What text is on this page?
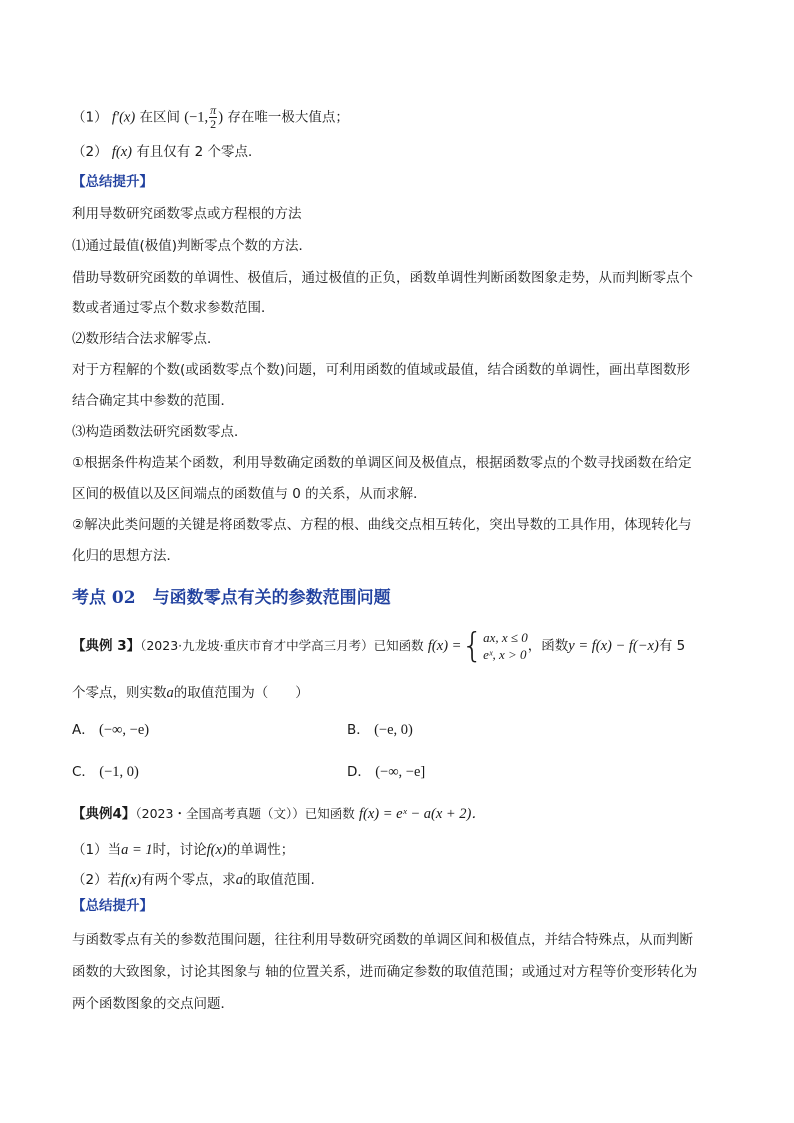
（1） f′(x) 在区间 (−1, $\frac{\pi}{2}$ ) 存在唯一极大值点；
（2） f(x) 有且仅有 2 个零点．
【总结提升】
利用导数研究函数零点或方程根的方法
⑴通过最值(极值)判断零点个数的方法．
借助导数研究函数的单调性、极值后，通过极值的正负，函数单调性判断函数图象走势，从而判断零点个
数或者通过零点个数求参数范围．
⑵数形结合法求解零点．
对于方程解的个数(或函数零点个数)问题，可利用函数的值域或最值，结合函数的单调性，画出草图数形
结合确定其中参数的范围．
⑶构造函数法研究函数零点．
①根据条件构造某个函数，利用导数确定函数的单调区间及极值点，根据函数零点的个数寻找函数在给定
区间的极值以及区间端点的函数值与 0 的关系，从而求解．
②解决此类问题的关键是将函数零点、方程的根、曲线交点相互转化，突出导数的工具作用，体现转化与
化归的思想方法．
考点 02　与函数零点有关的参数范围问题
【典例 3】（2023·九龙坡·重庆市育才中学高三月考）已知函数 f(x) ={ ax, x ≤ 0
eˣ, x > 0
，函数y = f(x) − f(−x)有 5
个零点，则实数a的取值范围为（　　）
A． (−∞, −e)	B． (−e, 0)
C． (−1, 0)	D． (−∞, −e]
【典例4】（2023・全国高考真题（文））已知函数 f(x) = eˣ − a(x + 2)．
（1）当a = 1时，讨论f(x)的单调性；
（2）若f(x)有两个零点，求a的取值范围.
【总结提升】
与函数零点有关的参数范围问题，往往利用导数研究函数的单调区间和极值点，并结合特殊点，从而判断
函数的大致图象，讨论其图象与 轴的位置关系，进而确定参数的取值范围；或通过对方程等价变形转化为
两个函数图象的交点问题．
